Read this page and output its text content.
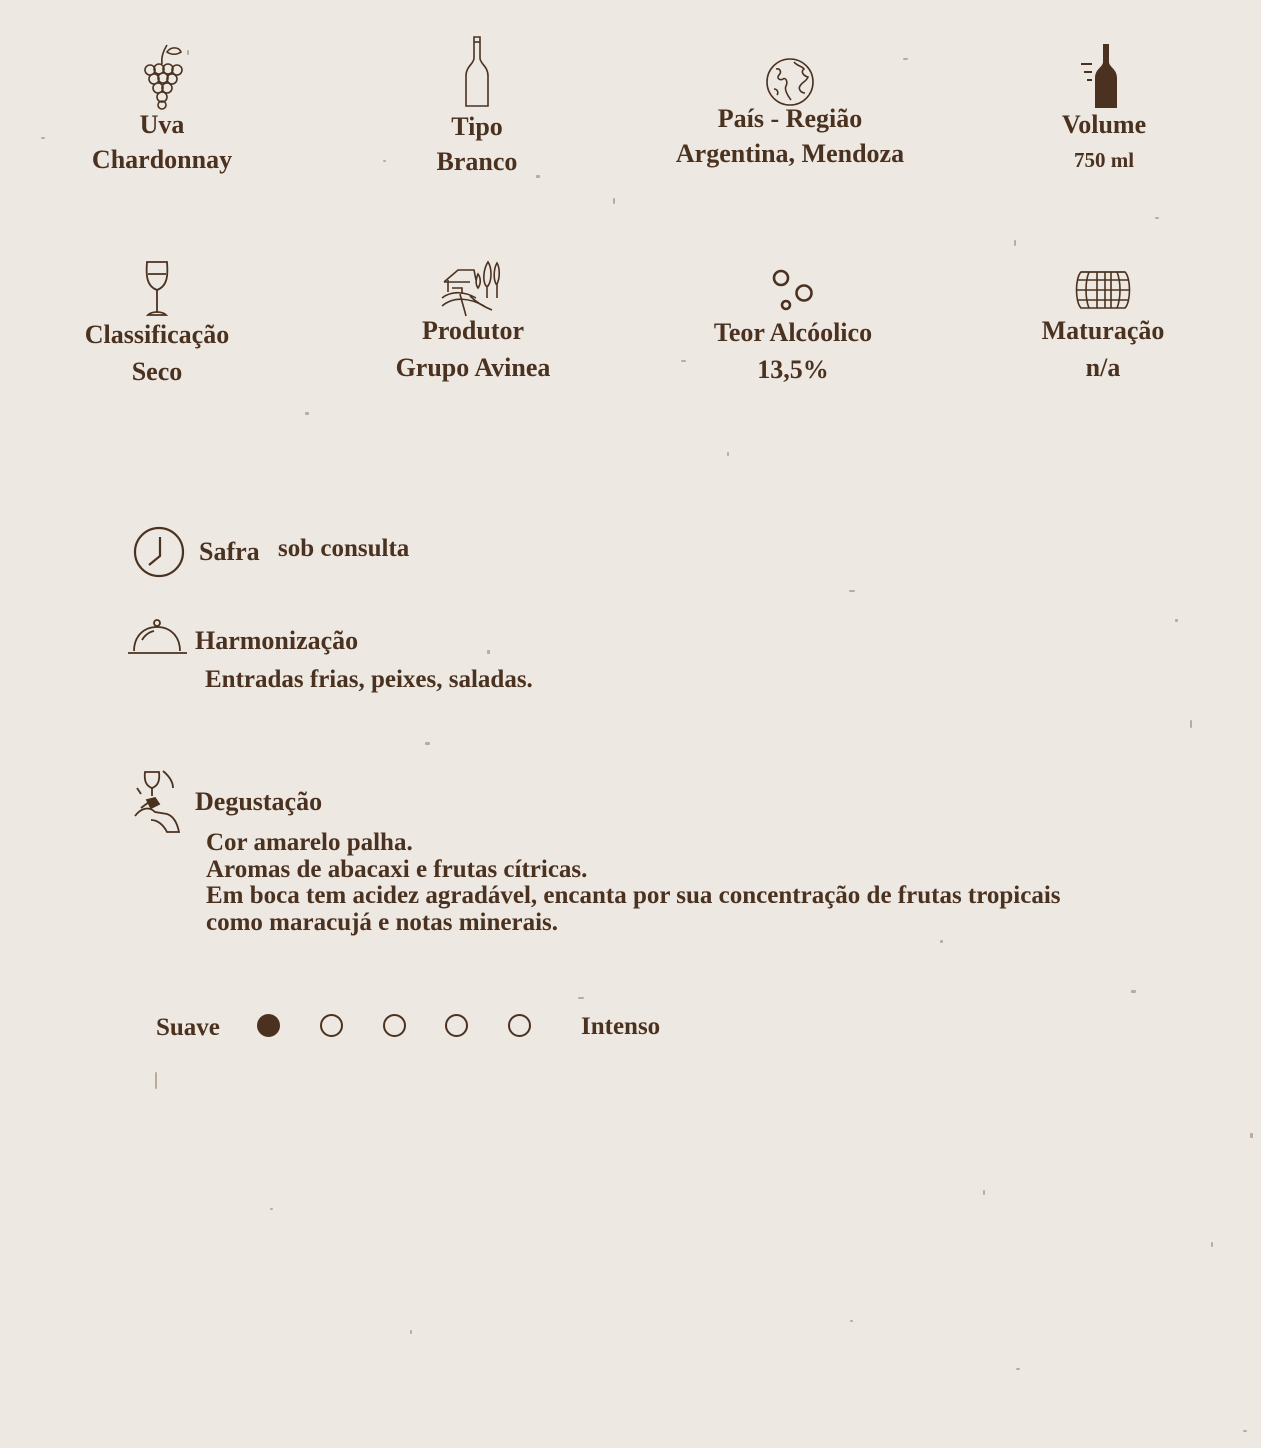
Uva
Chardonnay
Tipo
Branco
País - Região
Argentina, Mendoza
Volume
750 ml
Classificação
Seco
Produtor
Grupo Avinea
Teor Alcóolico
13,5%
Maturação
n/a
Safra sob consulta
Harmonização
Entradas frias, peixes, saladas.
Degustação
Cor amarelo palha.
Aromas de abacaxi e frutas cítricas.
Em boca tem acidez agradável, encanta por sua concentração de frutas tropicais
como maracujá e notas minerais.
Suave	Intenso
